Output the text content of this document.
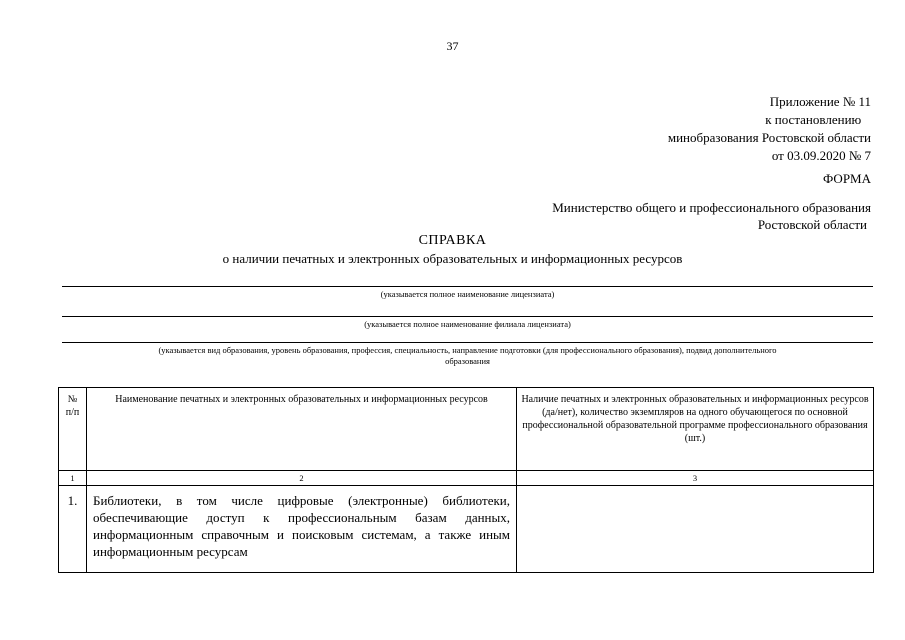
37
Приложение № 11
к постановлению
минобразования Ростовской области
от 03.09.2020 № 7
ФОРМА
Министерство общего и профессионального образования
Ростовской области
СПРАВКА
о наличии печатных и электронных образовательных и информационных ресурсов
(указывается полное наименование лицензиата)
(указывается полное наименование филиала лицензиата)
(указывается вид образования, уровень образования, профессия, специальность, направление подготовки (для профессионального образования), подвид дополнительного
образования
№ п/п	Наименование печатных и электронных образовательных и информационных ресурсов	Наличие печатных и электронных образовательных и информационных ресурсов (да/нет), количество экземпляров на одного обучающегося по основной профессиональной образовательной программе профессионального образования (шт.)

1	2	3
1.	Библиотеки, в том числе цифровые (электронные) библиотеки, обеспечивающие доступ к профессиональным базам данных, информационным справочным и поисковым системам, а также иным информационным ресурсам	
